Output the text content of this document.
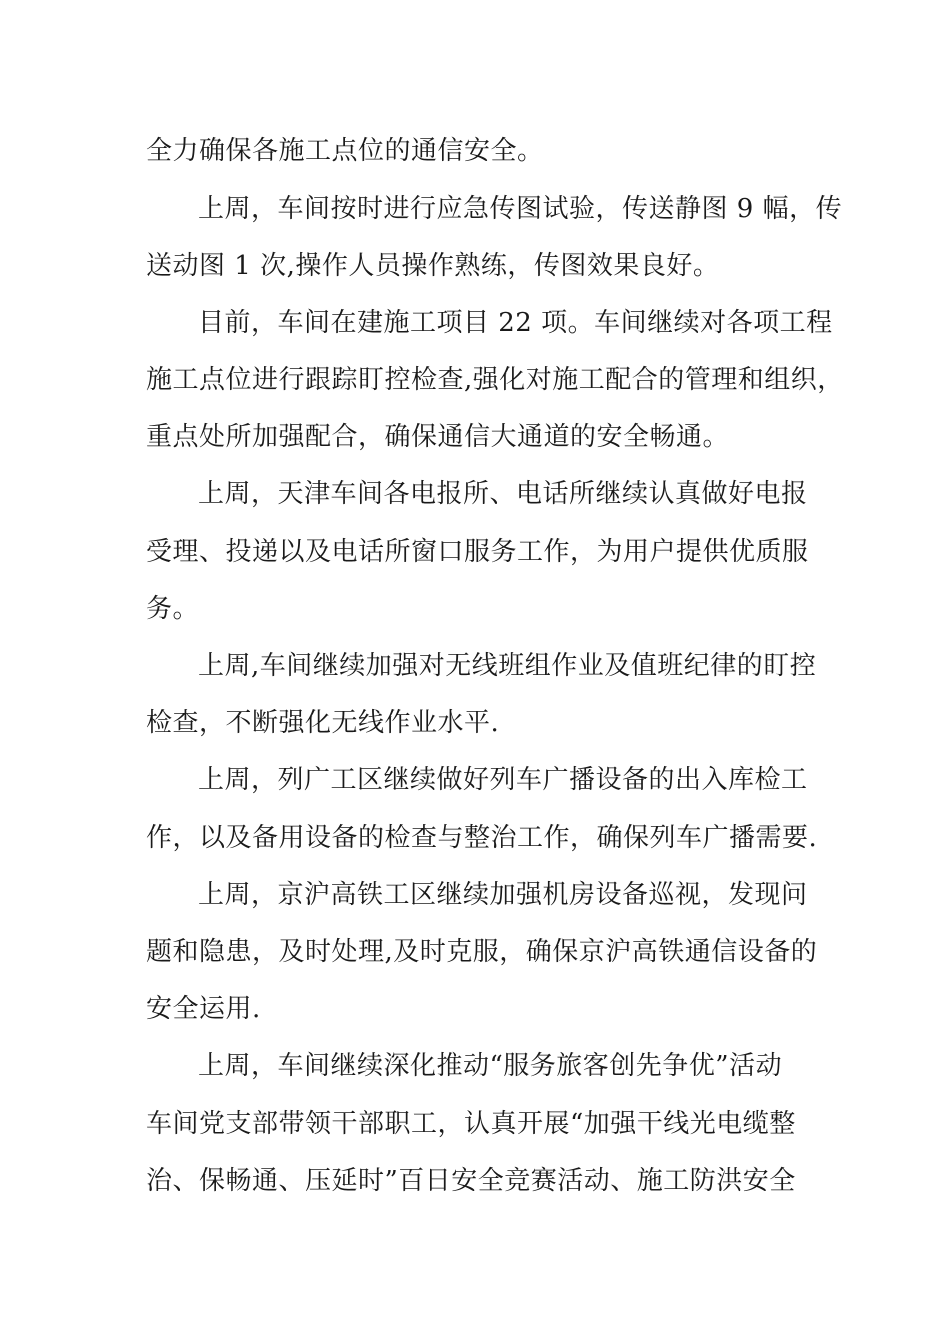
全力确保各施工点位的通信安全。
上周，车间按时进行应急传图试验，传送静图 9 幅，传
送动图 1 次,操作人员操作熟练，传图效果良好。
目前，车间在建施工项目 22 项。车间继续对各项工程
施工点位进行跟踪盯控检查,强化对施工配合的管理和组织，
重点处所加强配合，确保通信大通道的安全畅通。
上周，天津车间各电报所、电话所继续认真做好电报
受理、投递以及电话所窗口服务工作，为用户提供优质服
务。
上周,车间继续加强对无线班组作业及值班纪律的盯控
检查，不断强化无线作业水平.
上周，列广工区继续做好列车广播设备的出入库检工
作，以及备用设备的检查与整治工作，确保列车广播需要.
上周，京沪高铁工区继续加强机房设备巡视，发现问
题和隐患，及时处理,及时克服，确保京沪高铁通信设备的
安全运用.
上周，车间继续深化推动“服务旅客创先争优”活动
车间党支部带领干部职工，认真开展“加强干线光电缆整
治、保畅通、压延时”百日安全竞赛活动、施工防洪安全
